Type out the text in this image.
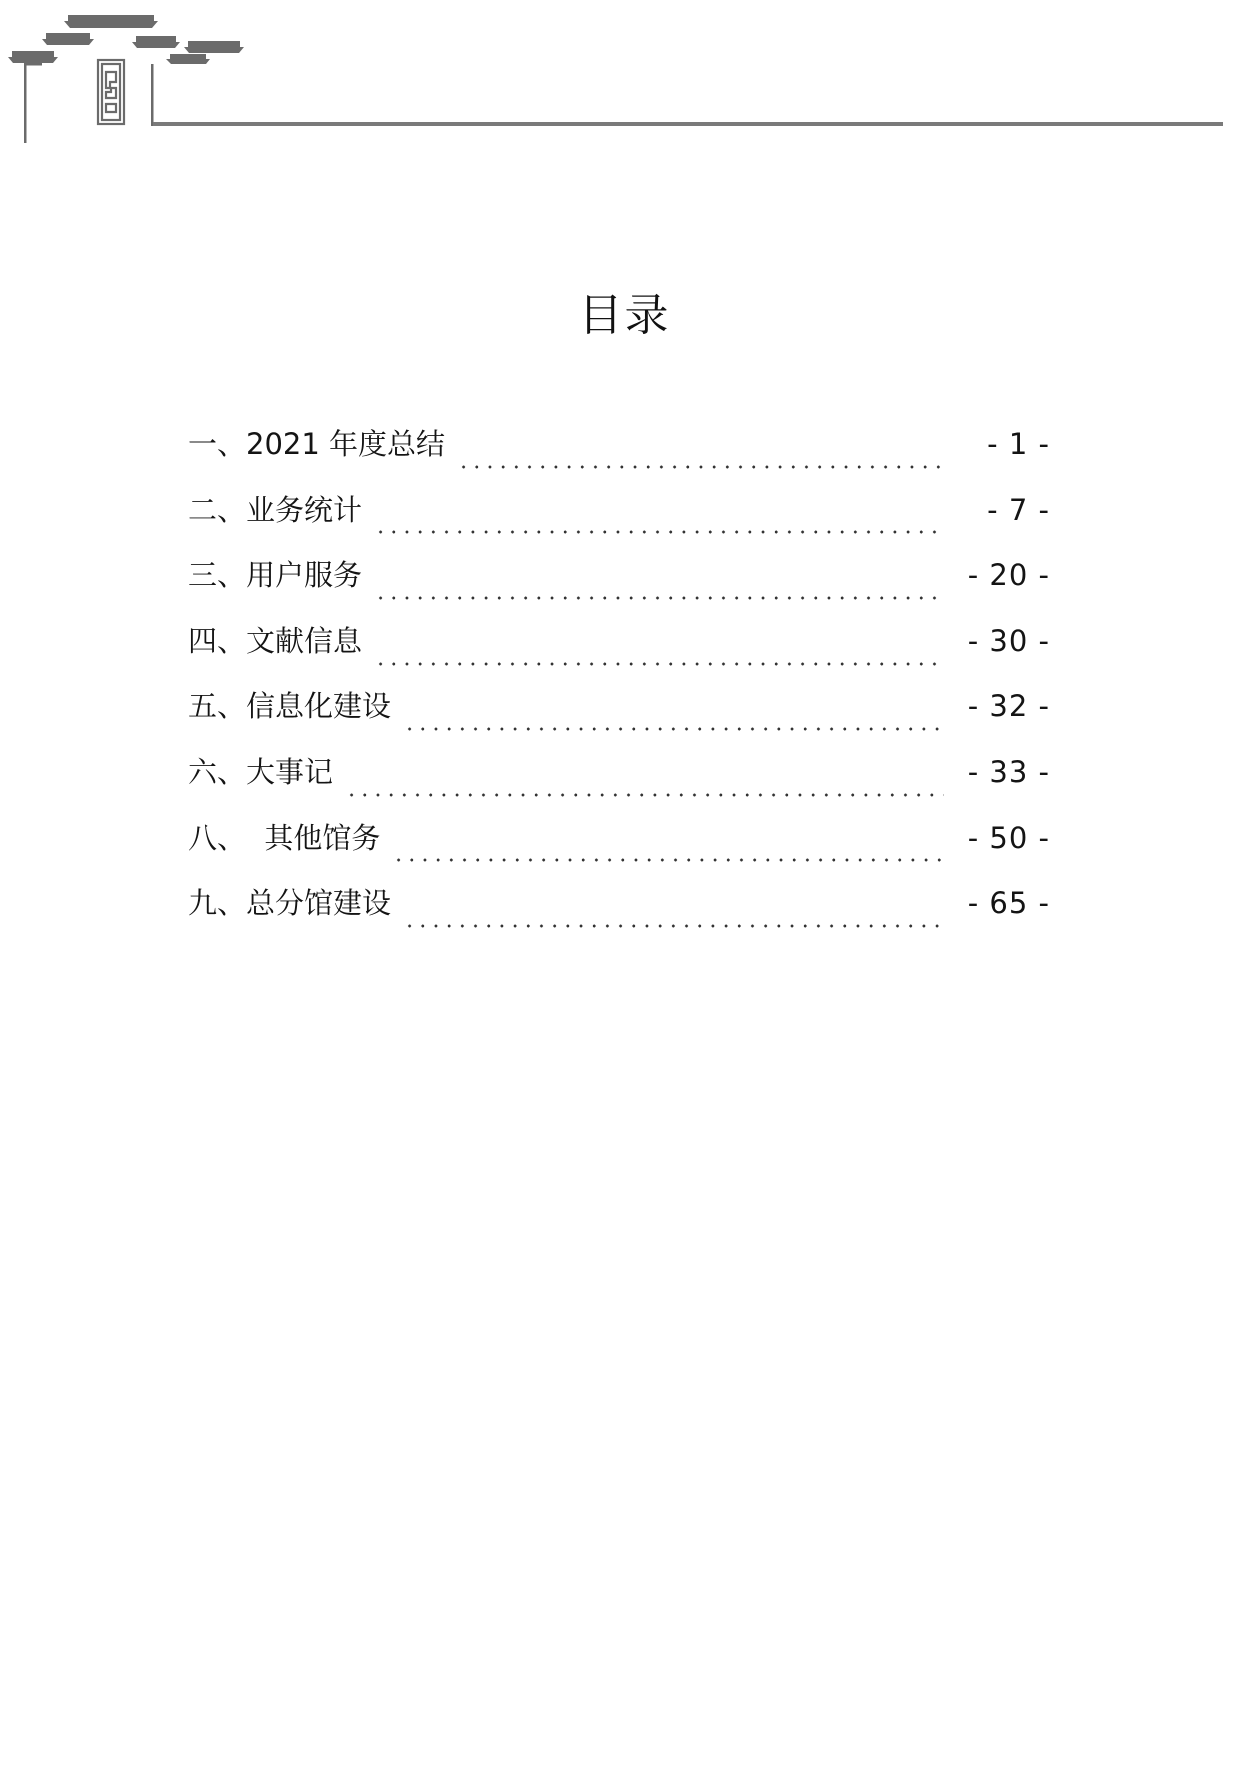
目录
一、2021 年度总结	- 1 -
二、业务统计	- 7 -
三、用户服务	- 20 -
四、文献信息	- 30 -
五、信息化建设	- 32 -
六、大事记	- 33 -
八、  其他馆务	- 50 -
九、总分馆建设	- 65 -
